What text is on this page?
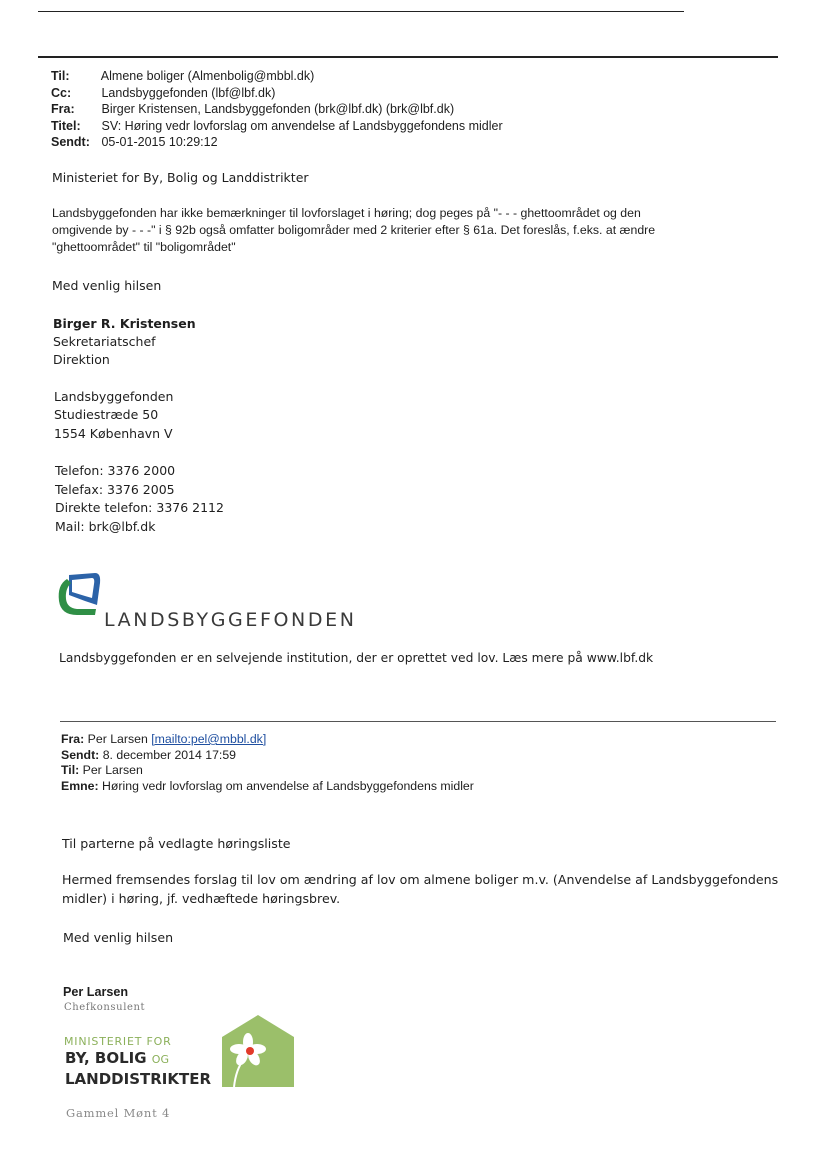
Til:	Almene boliger (Almenbolig@mbbl.dk)
Cc: Landsbyggefonden (lbf@lbf.dk)
Fra: Birger Kristensen, Landsbyggefonden (brk@lbf.dk) (brk@lbf.dk)
Titel: SV: Høring vedr lovforslag om anvendelse af Landsbyggefondens midler
Sendt: 05-01-2015 10:29:12
Ministeriet for By, Bolig og Landdistrikter
Landsbyggefonden har ikke bemærkninger til lovforslaget i høring; dog peges på "- - - ghettoområdet og den
omgivende by - - -" i § 92b også omfatter boligområder med 2 kriterier efter § 61a. Det foreslås, f.eks. at ændre
"ghettoområdet" til "boligområdet"
Med venlig hilsen
Birger R. Kristensen
Sekretariatschef
Direktion
Landsbyggefonden
Studiestræde 50
1554 København V
Telefon: 3376 2000
Telefax: 3376 2005
Direkte telefon: 3376 2112
Mail: brk@lbf.dk
LANDSBYGGEFONDEN
Landsbyggefonden er en selvejende institution, der er oprettet ved lov. Læs mere på www.lbf.dk
Fra: Per Larsen [mailto:pel@mbbl.dk]
Sendt: 8. december 2014 17:59
Til: Per Larsen
Emne: Høring vedr lovforslag om anvendelse af Landsbyggefondens midler
Til parterne på vedlagte høringsliste
Hermed fremsendes forslag til lov om ændring af lov om almene boliger m.v. (Anvendelse af Landsbyggefondens
midler) i høring, jf. vedhæftede høringsbrev.
Med venlig hilsen
Per Larsen
Chefkonsulent
MINISTERIET FOR
BY, BOLIG OG
LANDDISTRIKTER
Gammel Mønt 4
